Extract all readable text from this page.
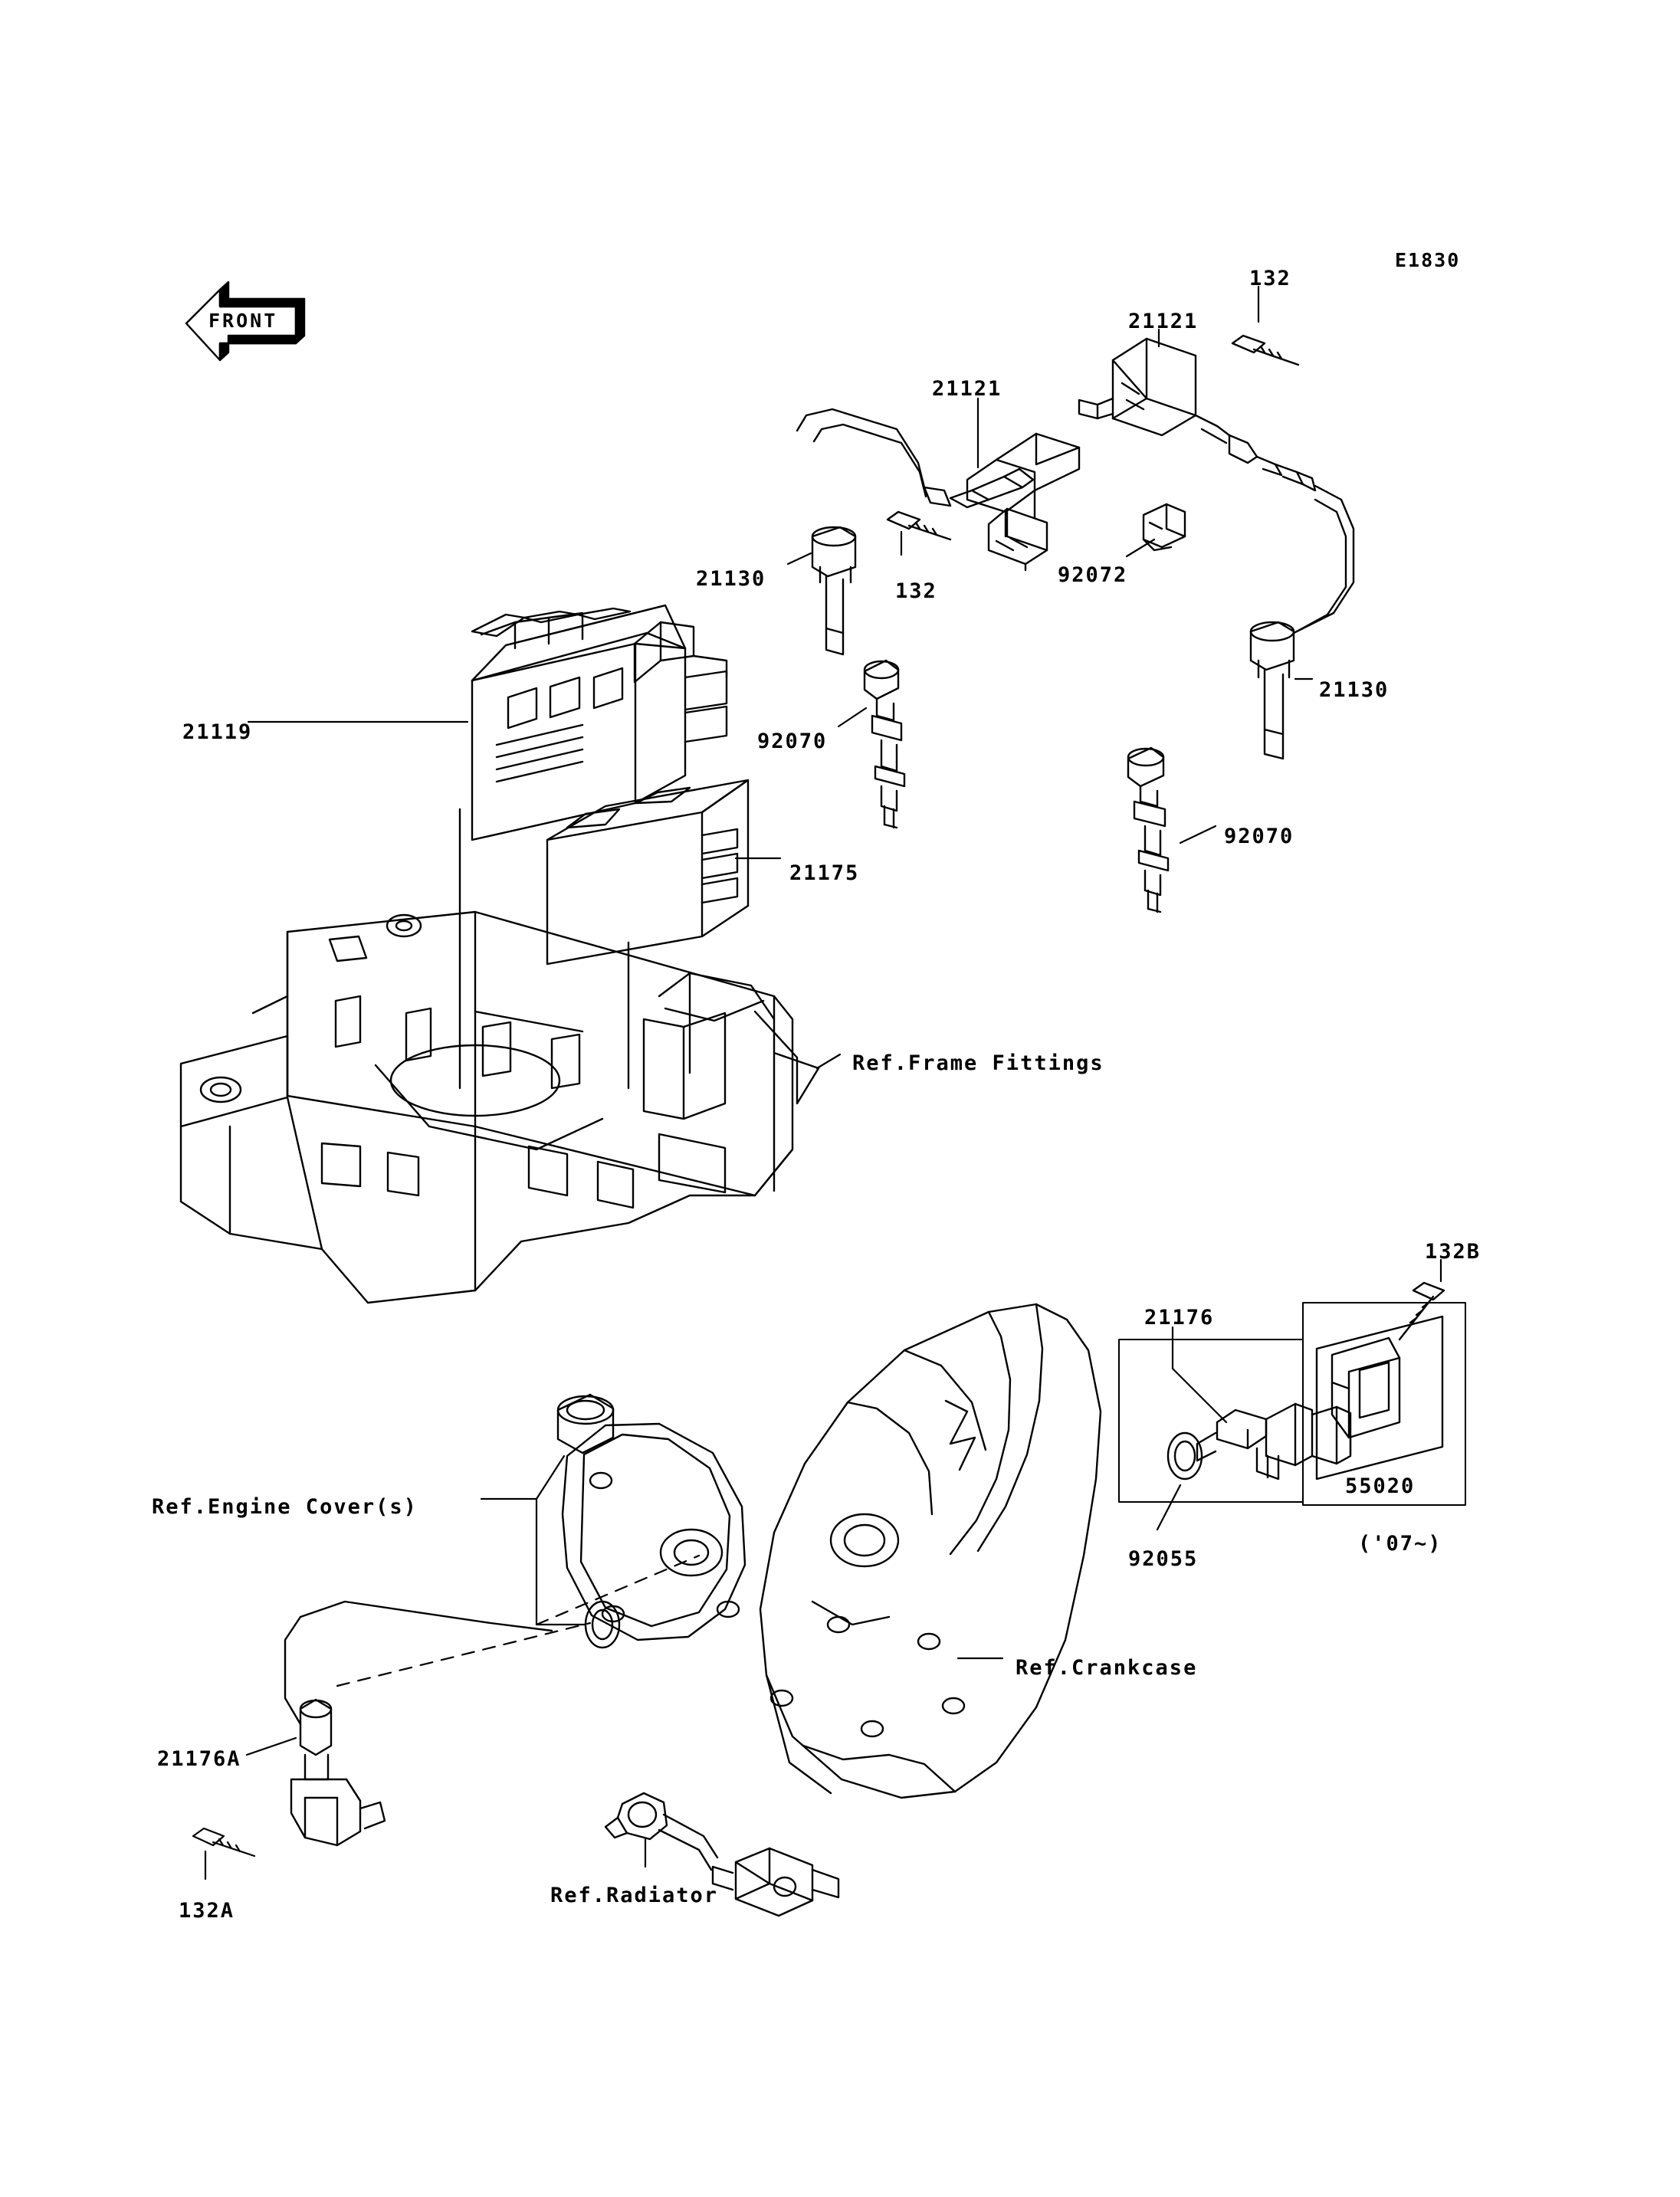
FRONT
E1830
21121
132
21130
92070
21119
21175
132
21121
92072
21130
92070
21176
132B
55020
('07~)
92055
21176A
132A
Ref.Frame Fittings
Ref.Engine Cover(s)
Ref.Crankcase
Ref.Radiator
